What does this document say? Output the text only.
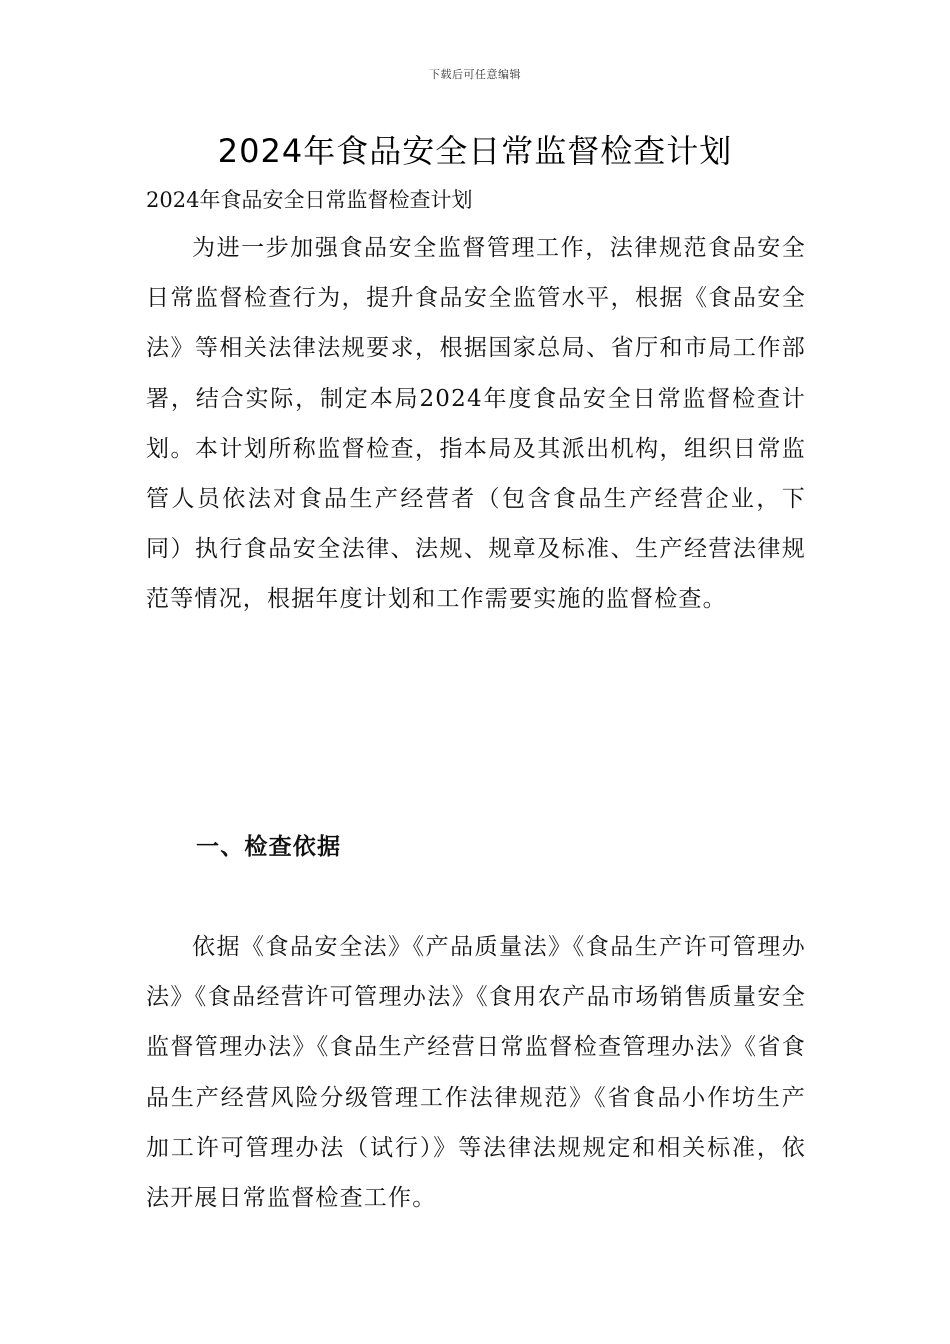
下载后可任意编辑
2024年食品安全日常监督检查计划

2024年食品安全日常监督检查计划

为进一步加强食品安全监督管理工作，法律规范食品安全日常监督检查行为，提升食品安全监管水平，根据《食品安全法》等相关法律法规要求，根据国家总局、省厅和市局工作部署，结合实际，制定本局2024年度食品安全日常监督检查计划。本计划所称监督检查，指本局及其派出机构，组织日常监管人员依法对食品生产经营者（包含食品生产经营企业，下同）执行食品安全法律、法规、规章及标准、生产经营法律规范等情况，根据年度计划和工作需要实施的监督检查。

一、检查依据

依据《食品安全法》《产品质量法》《食品生产许可管理办法》《食品经营许可管理办法》《食用农产品市场销售质量安全监督管理办法》《食品生产经营日常监督检查管理办法》《省食品生产经营风险分级管理工作法律规范》《省食品小作坊生产加工许可管理办法（试行）》等法律法规规定和相关标准，依法开展日常监督检查工作。
